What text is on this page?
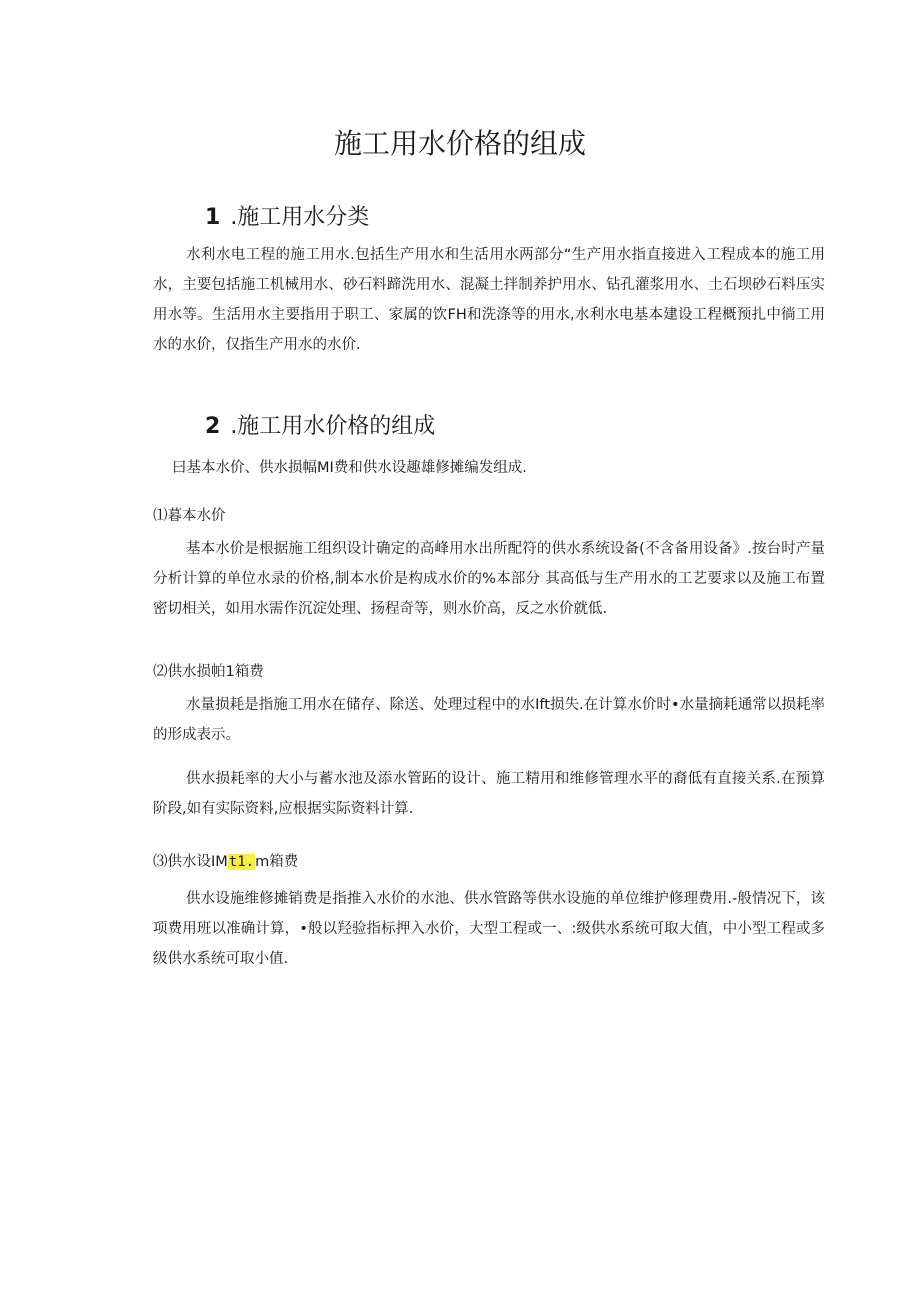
施工用水价格的组成
1 .施工用水分类

水利水电工程的施工用水.包括生产用水和生活用水两部分“生产用水指直接进入工程成本的施工用水，主要包括施工机械用水、砂石料蹄洗用水、混凝土拌制养护用水、钻孔灌浆用水、土石坝砂石料压实用水等。生活用水主要指用于职工、家属的饮FH和洗涤等的用水,水利水电基本建设工程概预扎中徜工用水的水价，仅指生产用水的水价.

2 .施工用水价格的组成

曰基本水价、供水损幅MI费和供水设趣雄修摊编发组成.

⑴暮本水价

基本水价是根据施工组织设计确定的高峰用水出所配符的供水系统设备(不含备用设备》.按台时产量分析计算的单位水录的价格,制本水价是构成水价的%本部分 其高低与生产用水的工艺要求以及施工布置密切相关，如用水需作沉淀处理、扬程奇等，则水价高，反之水价就低.

⑵供水损帕1箱费

水量损耗是指施工用水在储存、除送、处理过程中的水Ift损失.在计算水价时•水量摘耗通常以损耗率的形成表示。

供水损耗率的大小与蓄水池及添水管跖的设计、施工精用和维修管理水平的裔低有直接关系.在预算阶段,如有实际资料,应根据实际资料计算.

⑶供水设IMt1.m箱费

供水设施维修摊销费是指推入水价的水池、供水管路等供水设施的单位维护修理费用.-般情况下，该项费用班以准确计算，•般以羟验指标押入水价，大型工程或一、:级供水系统可取大值，中小型工程或多级供水系统可取小值.
